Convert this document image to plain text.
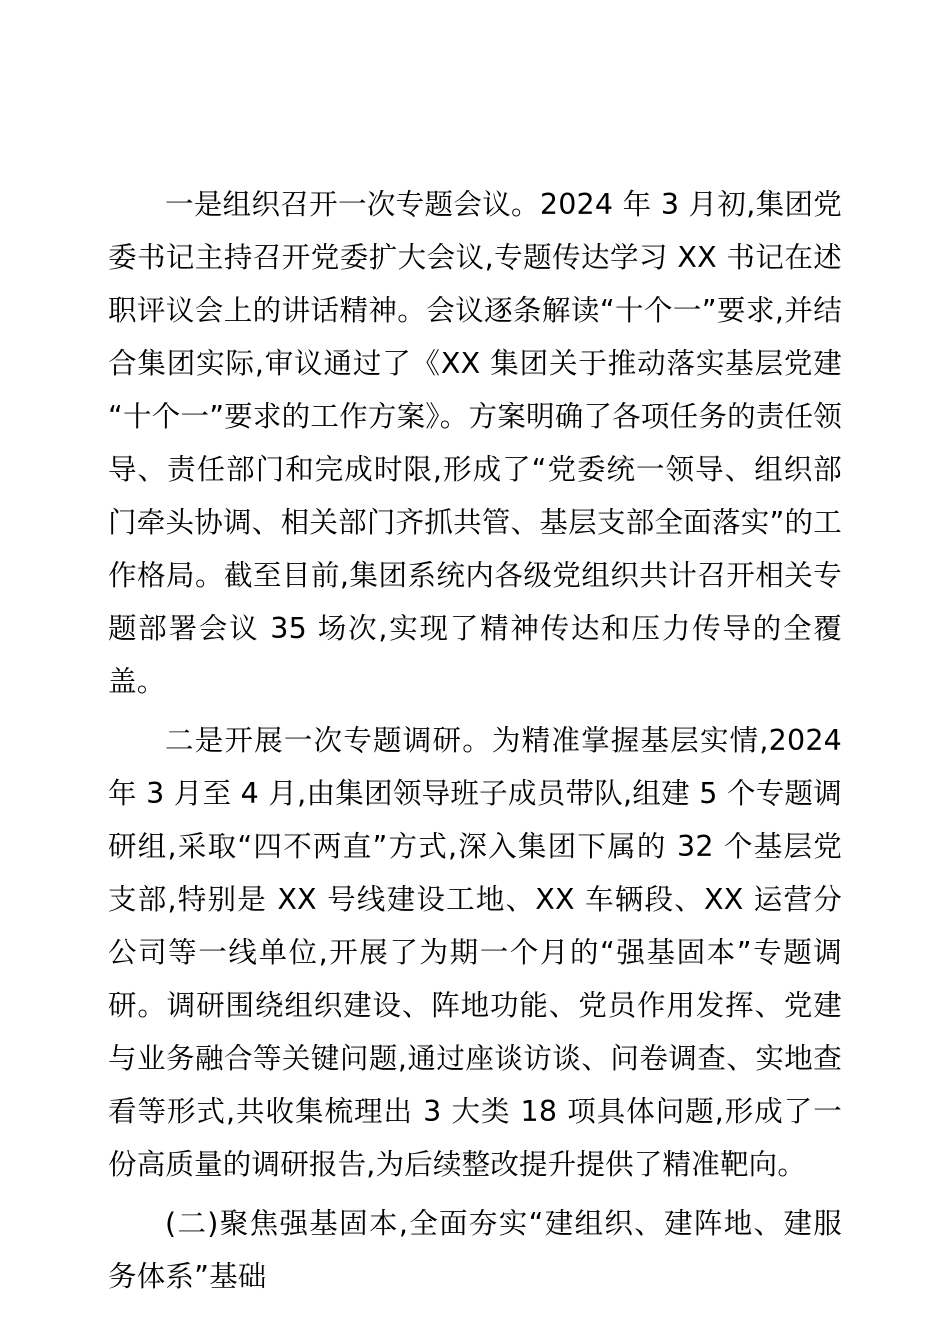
一是组织召开一次专题会议。2024 年 3 月初,集团党委书记主持召开党委扩大会议,专题传达学习 XX 书记在述职评议会上的讲话精神。会议逐条解读“十个一”要求,并结合集团实际,审议通过了《XX 集团关于推动落实基层党建“十个一”要求的工作方案》。方案明确了各项任务的责任领导、责任部门和完成时限,形成了“党委统一领导、组织部门牵头协调、相关部门齐抓共管、基层支部全面落实”的工作格局。截至目前,集团系统内各级党组织共计召开相关专题部署会议 35 场次,实现了精神传达和压力传导的全覆盖。

二是开展一次专题调研。为精准掌握基层实情,2024 年 3 月至 4 月,由集团领导班子成员带队,组建 5 个专题调研组,采取“四不两直”方式,深入集团下属的 32 个基层党支部,特别是 XX 号线建设工地、XX 车辆段、XX 运营分公司等一线单位,开展了为期一个月的“强基固本”专题调研。调研围绕组织建设、阵地功能、党员作用发挥、党建与业务融合等关键问题,通过座谈访谈、问卷调查、实地查看等形式,共收集梳理出 3 大类 18 项具体问题,形成了一份高质量的调研报告,为后续整改提升提供了精准靶向。

(二)聚焦强基固本,全面夯实“建组织、建阵地、建服务体系”基础
